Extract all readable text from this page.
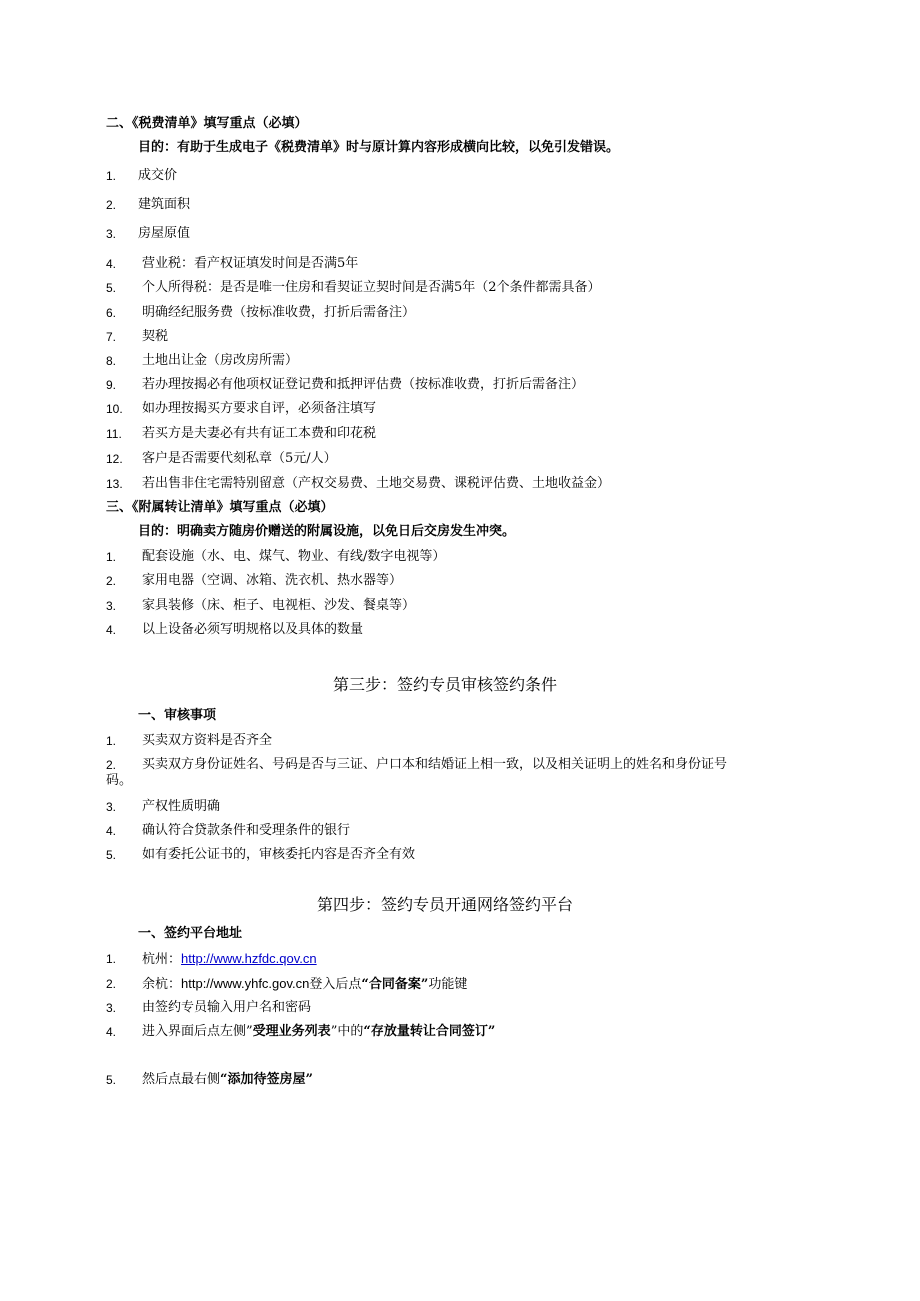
二、《税费清单》填写重点（必填）
目的：有助于生成电子《税费清单》时与原计算内容形成横向比较，以免引发错误。
1. 成交价
2. 建筑面积
3. 房屋原值
4. 营业税：看产权证填发时间是否满5年
5. 个人所得税：是否是唯一住房和看契证立契时间是否满5年（2个条件都需具备）
6. 明确经纪服务费（按标准收费，打折后需备注）
7. 契税
8. 土地出让金（房改房所需）
9. 若办理按揭必有他项权证登记费和抵押评估费（按标准收费，打折后需备注）
10. 如办理按揭买方要求自评，必须备注填写
11. 若买方是夫妻必有共有证工本费和印花税
12. 客户是否需要代刻私章（5元/人）
13. 若出售非住宅需特别留意（产权交易费、土地交易费、课税评估费、土地收益金）
三、《附属转让清单》填写重点（必填）
目的：明确卖方随房价赠送的附属设施，以免日后交房发生冲突。
1. 配套设施（水、电、煤气、物业、有线/数字电视等）
2. 家用电器（空调、冰箱、洗衣机、热水器等）
3. 家具装修（床、柜子、电视柜、沙发、餐桌等）
4. 以上设备必须写明规格以及具体的数量
第三步：签约专员审核签约条件
一、审核事项
1. 买卖双方资料是否齐全
2. 买卖双方身份证姓名、号码是否与三证、户口本和结婚证上相一致，以及相关证明上的姓名和身份证号
码。
3. 产权性质明确
4. 确认符合贷款条件和受理条件的银行
5. 如有委托公证书的，审核委托内容是否齐全有效
第四步：签约专员开通网络签约平台
一、签约平台地址
1. 杭州：http://www.hzfdc.qov.cn
2. 余杭：http://www.yhfc.gov.cn登入后点“合同备案”功能键
3. 由签约专员输入用户名和密码
4. 进入界面后点左侧”受理业务列表”中的“存放量转让合同签订”
5. 然后点最右侧“添加待签房屋”
